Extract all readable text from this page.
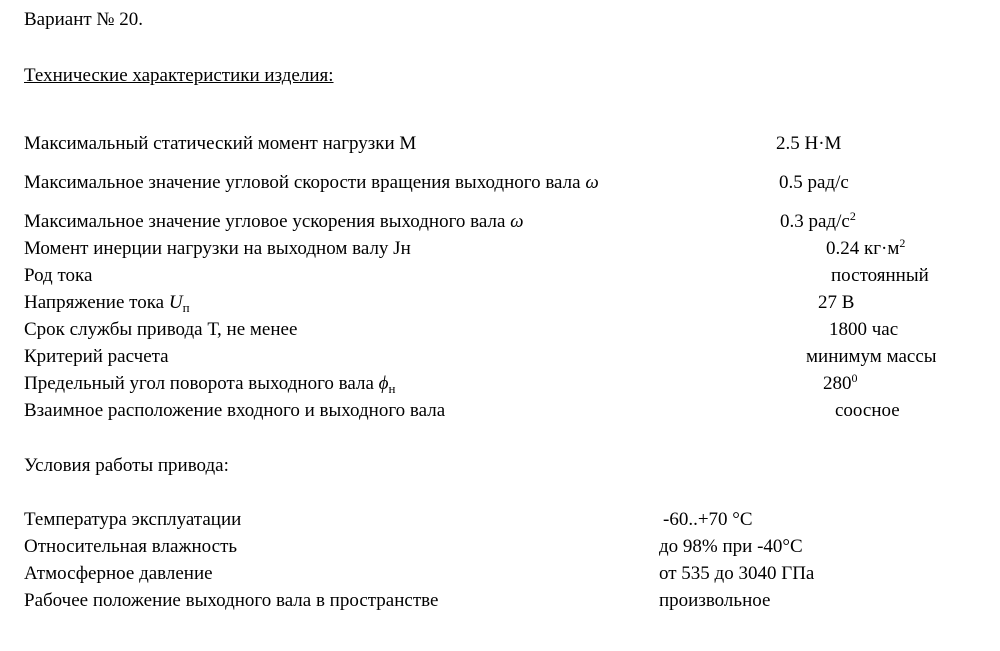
Вариант № 20.
Технические характеристики изделия:
Максимальный статический момент нагрузки М	2.5 Н·М
Максимальное значение угловой скорости вращения выходного вала ω	0.5 рад/с
Максимальное значение угловое ускорения выходного вала ω	0.3 рад/$с^2$
Момент инерции нагрузки на выходном валу Jн	0.24 $кг\cdot м^2$
Род тока	постоянный
Напряжение тока $U_п$	27 В
Срок службы привода Т, не менее	1800 час
Критерий расчета	минимум массы
Предельный угол поворота выходного вала $\phi_н$	$280^0$
Взаимное расположение входного и выходного вала	соосное
Условия работы привода:
Температура эксплуатации	-60..+70 °С
Относительная влажность	до 98% при -40°С
Атмосферное давление	от 535 до 3040 ГПа
Рабочее положение выходного вала в пространстве	произвольное
